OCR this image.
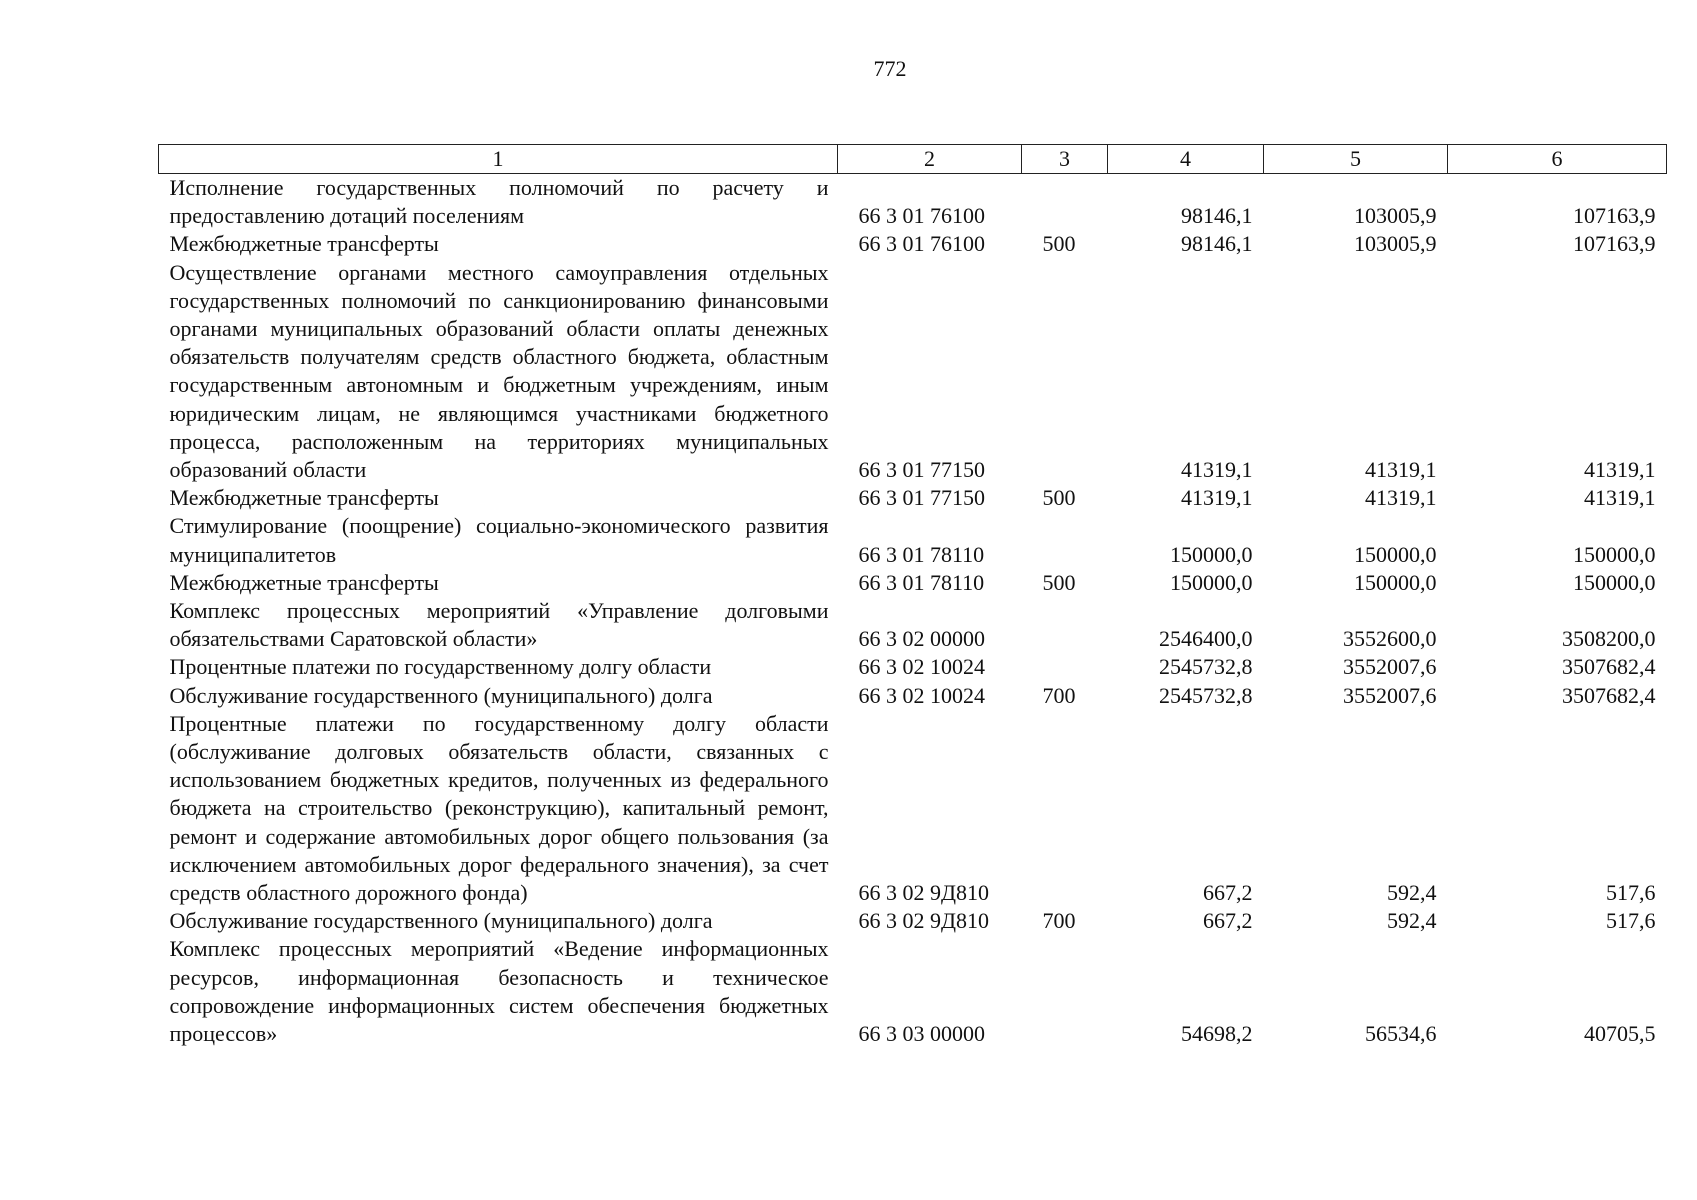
772
1	2	3	4	5	6
Исполнение государственных полномочий по расчету и предоставлению дотаций поселениям	66 3 01 76100		98146,1	103005,9	107163,9
Межбюджетные трансферты	66 3 01 76100	500	98146,1	103005,9	107163,9
Осуществление органами местного самоуправления отдельных государственных полномочий по санкционированию финансовыми органами муниципальных образований области оплаты денежных обязательств получателям средств областного бюджета, областным государственным автономным и бюджетным учреждениям, иным юридическим лицам, не являющимся участниками бюджетного процесса, расположенным на территориях муниципальных образований области	66 3 01 77150		41319,1	41319,1	41319,1
Межбюджетные трансферты	66 3 01 77150	500	41319,1	41319,1	41319,1
Стимулирование (поощрение) социально-экономического развития муниципалитетов	66 3 01 78110		150000,0	150000,0	150000,0
Межбюджетные трансферты	66 3 01 78110	500	150000,0	150000,0	150000,0
Комплекс процессных мероприятий «Управление долговыми обязательствами Саратовской области»	66 3 02 00000		2546400,0	3552600,0	3508200,0
Процентные платежи по государственному долгу области	66 3 02 10024		2545732,8	3552007,6	3507682,4
Обслуживание государственного (муниципального) долга	66 3 02 10024	700	2545732,8	3552007,6	3507682,4
Процентные платежи по государственному долгу области (обслуживание долговых обязательств области, связанных с использованием бюджетных кредитов, полученных из федерального бюджета на строительство (реконструкцию), капитальный ремонт, ремонт и содержание автомобильных дорог общего пользования (за исключением автомобильных дорог федерального значения), за счет средств областного дорожного фонда)	66 3 02 9Д810		667,2	592,4	517,6
Обслуживание государственного (муниципального) долга	66 3 02 9Д810	700	667,2	592,4	517,6
Комплекс процессных мероприятий «Ведение информационных ресурсов, информационная безопасность и техническое сопровождение информационных систем обеспечения бюджетных процессов»	66 3 03 00000		54698,2	56534,6	40705,5
